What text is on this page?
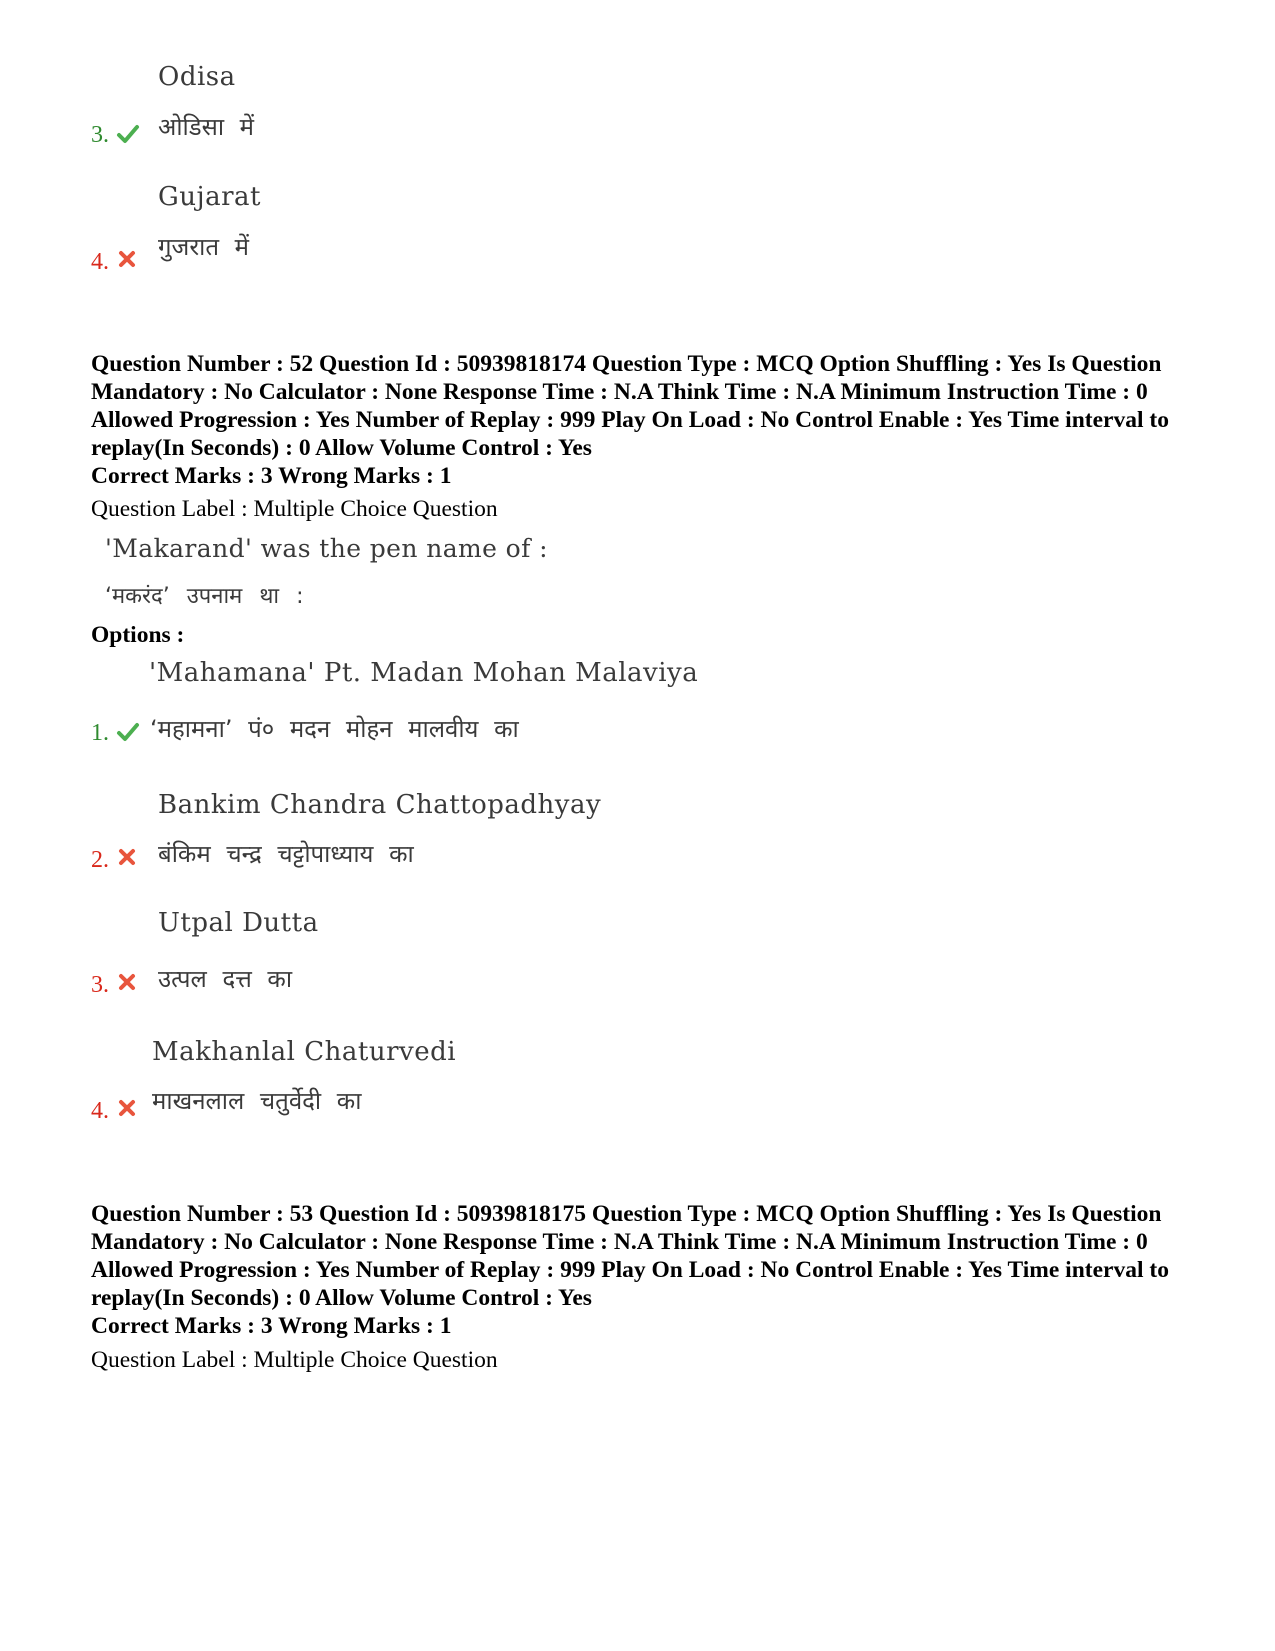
Odisa
3. ओडिसा में
Gujarat
4.
गुजरात में
Question Number : 52 Question Id : 50939818174 Question Type : MCQ Option Shuffling : Yes Is Question Mandatory : No Calculator : None Response Time : N.A Think Time : N.A Minimum Instruction Time : 0 Allowed Progression : Yes Number of Replay : 999 Play On Load : No Control Enable : Yes Time interval to replay(In Seconds) : 0 Allow Volume Control : Yes
Correct Marks : 3 Wrong Marks : 1
Question Label : Multiple Choice Question
'Makarand' was the pen name of :
‘मकरंद’ उपनाम था :
Options :
'Mahamana' Pt. Madan Mohan Malaviya
1. ‘महामना’ पं० मदन मोहन मालवीय का
Bankim Chandra Chattopadhyay
2. बंकिम चन्द्र चट्टोपाध्याय का
Utpal Dutta
3. उत्पल दत्त का
Makhanlal Chaturvedi
4. माखनलाल चतुर्वेदी का
Question Number : 53 Question Id : 50939818175 Question Type : MCQ Option Shuffling : Yes Is Question Mandatory : No Calculator : None Response Time : N.A Think Time : N.A Minimum Instruction Time : 0 Allowed Progression : Yes Number of Replay : 999 Play On Load : No Control Enable : Yes Time interval to replay(In Seconds) : 0 Allow Volume Control : Yes
Correct Marks : 3 Wrong Marks : 1
Question Label : Multiple Choice Question
